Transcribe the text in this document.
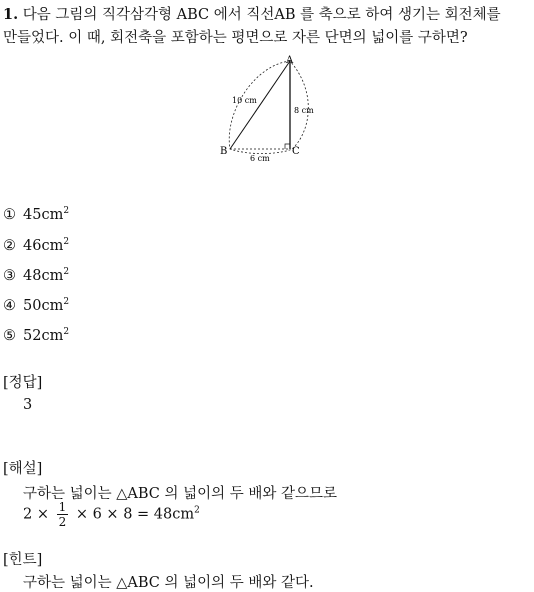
1. 다음 그림의 직각삼각형 ABC 에서 직선AB 를 축으로 하여 생기는 회전체를
만들었다. 이 때, 회전축을 포함하는 평면으로 자른 단면의 넓이를 구하면?
A
B	C
10 cm
8 cm
6 cm
① $45cm^2$
② $46cm^2$
③ $48cm^2$
④ $50cm^2$
⑤ $52cm^2$
[정답]
3
[해설]
구하는 넓이는 △ABC 의 넓이의 두 배와 같으므로
$2 \times \frac{1}{2} \times 6 \times 8 = 48cm^2$
[힌트]
구하는 넓이는 △ABC 의 넓이의 두 배와 같다.
